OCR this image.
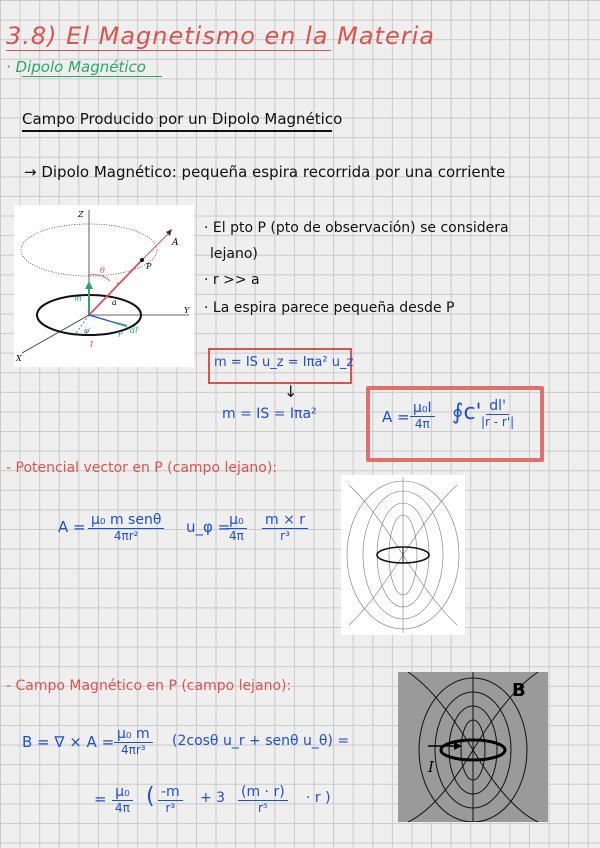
3.8) El Magnetismo en la Materia
· Dipolo Magnético
Campo Producido por un Dipolo Magnético
→ Dipolo Magnético: pequeña espira recorrida por una corriente
Z
Y
X
A
P
r
θ
m	a
φ'	r' dl'
I
· El pto P (pto de observación) se considera
lejano)
· r >> a
· La espira parece pequeña desde P
m = IS u_z = Iπa² u_z
↓
m = IS = Iπa²	$A = \frac{\text{μ₀I}}{4\pi}$ ∮c'
$\frac{dl'}{|r - r'|}$
- Potencial vector en P (campo lejano):
A = μ₀ m senθ
4πr²	u_φ =
$\frac{\text{μ₀}}{4\pi} \frac{m \times r}{\text{r³}}$
- Campo Magnético en P (campo lejano):
B = ∇ × $A = \frac{\text{μ₀ m}}{\text{4πr³}} (2\cos\theta$ u_r + senθ u_θ) =
= $\frac{\text{μ₀}}{4\pi}$ ( $\frac{-m}{\text{r³}} + 3 \frac{(m \cdot r)}{\text{r⁵}} \cdot r$ )
B
I
